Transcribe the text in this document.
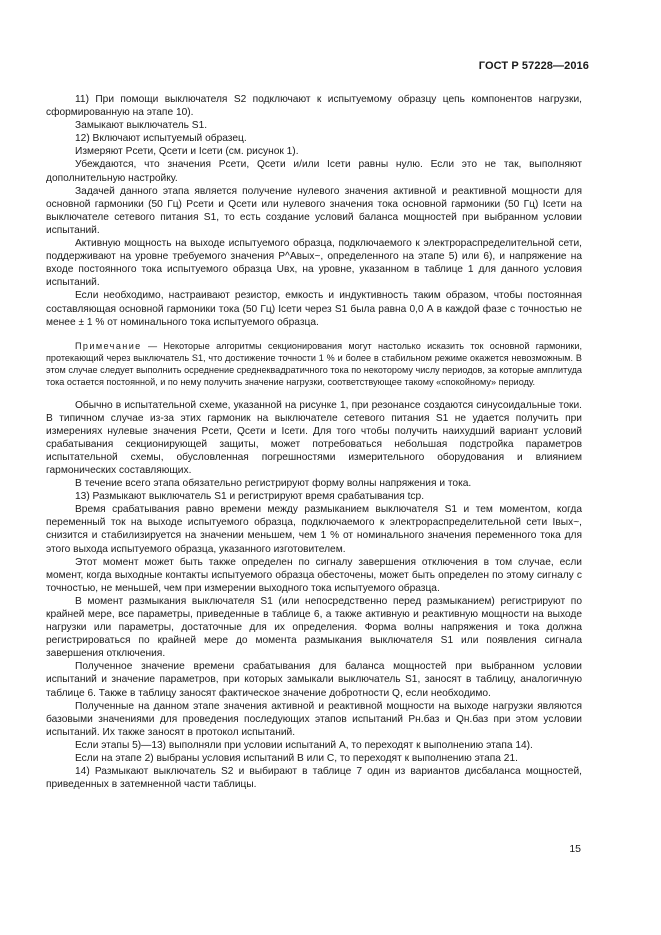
ГОСТ Р 57228—2016

11) При помощи выключателя S2 подключают к испытуемому образцу цепь компонентов нагрузки, сформированную на этапе 10).

Замыкают выключатель S1.

12) Включают испытуемый образец.

Измеряют Pсети, Qсети и Iсети (см. рисунок 1).

Убеждаются, что значения Pсети, Qсети и/или Iсети равны нулю. Если это не так, выполняют дополнительную настройку.

Задачей данного этапа является получение нулевого значения активной и реактивной мощности для основной гармоники (50 Гц) Pсети и Qсети или нулевого значения тока основной гармоники (50 Гц) Iсети на выключателе сетевого питания S1, то есть создание условий баланса мощностей при выбранном условии испытаний.

Активную мощность на выходе испытуемого образца, подключаемого к электрораспределительной сети, поддерживают на уровне требуемого значения P^Aвых~, определенного на этапе 5) или 6), и напряжение на входе постоянного тока испытуемого образца Uвх, на уровне, указанном в таблице 1 для данного условия испытаний.

Если необходимо, настраивают резистор, емкость и индуктивность таким образом, чтобы постоянная составляющая основной гармоники тока (50 Гц) Iсети через S1 была равна 0,0 А в каждой фазе с точностью не менее ± 1 % от номинального тока испытуемого образца.

Примечание — Некоторые алгоритмы секционирования могут настолько исказить ток основной гармоники, протекающий через выключатель S1, что достижение точности 1 % и более в стабильном режиме окажется невозможным. В этом случае следует выполнить осреднение среднеквадратичного тока по некоторому числу периодов, за которые амплитуда тока остается постоянной, и по нему получить значение нагрузки, соответствующее такому «спокойному» периоду.

Обычно в испытательной схеме, указанной на рисунке 1, при резонансе создаются синусоидальные токи. В типичном случае из-за этих гармоник на выключателе сетевого питания S1 не удается получить при измерениях нулевые значения Pсети, Qсети и Iсети. Для того чтобы получить наихудший вариант условий срабатывания секционирующей защиты, может потребоваться небольшая подстройка параметров испытательной схемы, обусловленная погрешностями измерительного оборудования и влиянием гармонических составляющих.

В течение всего этапа обязательно регистрируют форму волны напряжения и тока.

13) Размыкают выключатель S1 и регистрируют время срабатывания tср.

Время срабатывания равно времени между размыканием выключателя S1 и тем моментом, когда переменный ток на выходе испытуемого образца, подключаемого к электрораспределительной сети Iвых~, снизится и стабилизируется на значении меньшем, чем 1 % от номинального значения переменного тока для этого выхода испытуемого образца, указанного изготовителем.

Этот момент может быть также определен по сигналу завершения отключения в том случае, если момент, когда выходные контакты испытуемого образца обесточены, может быть определен по этому сигналу с точностью, не меньшей, чем при измерении выходного тока испытуемого образца.

В момент размыкания выключателя S1 (или непосредственно перед размыканием) регистрируют по крайней мере, все параметры, приведенные в таблице 6, а также активную и реактивную мощности на выходе нагрузки или параметры, достаточные для их определения. Форма волны напряжения и тока должна регистрироваться по крайней мере до момента размыкания выключателя S1 или появления сигнала завершения отключения.

Полученное значение времени срабатывания для баланса мощностей при выбранном условии испытаний и значение параметров, при которых замыкали выключатель S1, заносят в таблицу, аналогичную таблице 6. Также в таблицу заносят фактическое значение добротности Q, если необходимо.

Полученные на данном этапе значения активной и реактивной мощности на выходе нагрузки являются базовыми значениями для проведения последующих этапов испытаний Pн.баз и Qн.баз при этом условии испытаний. Их также заносят в протокол испытаний.

Если этапы 5)—13) выполняли при условии испытаний А, то переходят к выполнению этапа 14).

Если на этапе 2) выбраны условия испытаний В или С, то переходят к выполнению этапа 21.

14) Размыкают выключатель S2 и выбирают в таблице 7 один из вариантов дисбаланса мощностей, приведенных в затемненной части таблицы.

15
